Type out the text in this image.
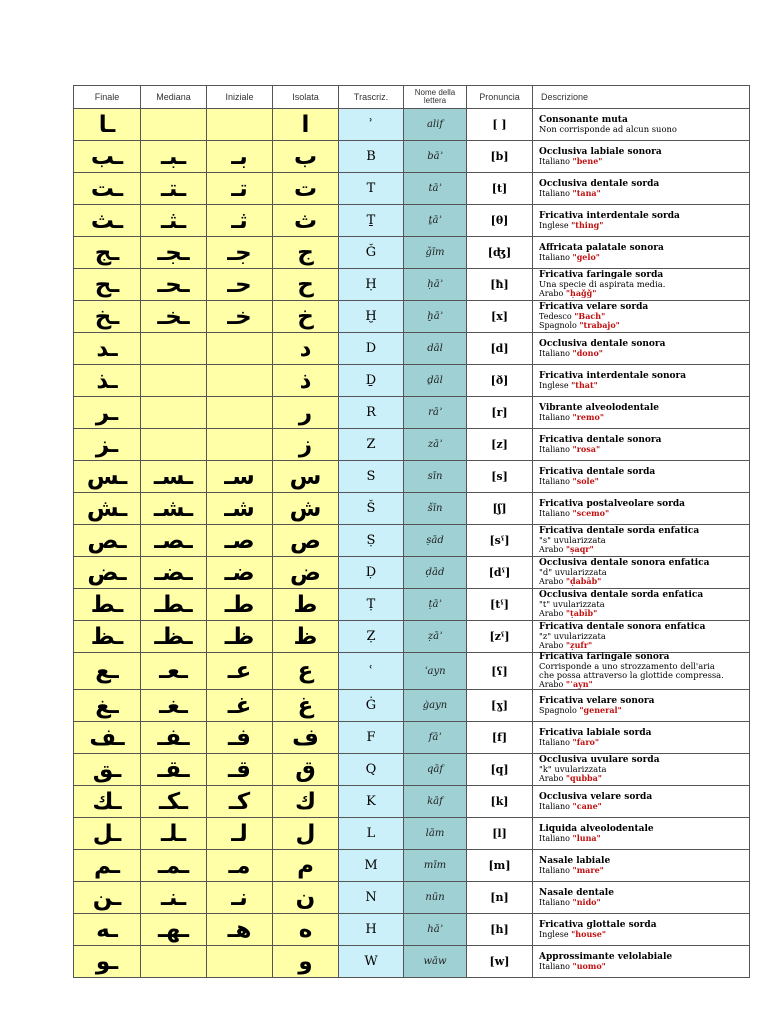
Finale	Mediana	Iniziale	Isolata	Trascriz.	Nome della lettera	Pronuncia	Descrizione
ـا			ا	ʾ	alif	[ ]	Consonante muta
Non corrisponde ad alcun suono

ـب	ـبـ	بـ	ب	B	bāʾ	[b]	Occlusiva labiale sonora
Italiano "bene"

ـت	ـتـ	تـ	ت	T	tāʾ	[t]	Occlusiva dentale sorda
Italiano "tana"

ـث	ـثـ	ثـ	ث	Ṯ	ṯāʾ	[θ]	Fricativa interdentale sorda
Inglese "thing"

ـج	ـجـ	جـ	ج	Ǧ	ǧīm	[ʤ]	Affricata palatale sonora
Italiano "gelo"

ـح	ـحـ	حـ	ح	Ḥ	ḥāʾ	[ħ]	Fricativa faringale sorda
Una specie di aspirata media.
Arabo "ḥaǧǧ"

ـخ	ـخـ	خـ	خ	Ḫ	ḫāʾ	[x]	Fricativa velare sorda
Tedesco "Bach"
Spagnolo "trabajo"

ـد			د	D	dāl	[d]	Occlusiva dentale sonora
Italiano "dono"

ـذ			ذ	Ḏ	ḏāl	[ð]	Fricativa interdentale sonora
Inglese "that"

ـر			ر	R	rāʾ	[r]	Vibrante alveolodentale
Italiano "remo"

ـز			ز	Z	zāʾ	[z]	Fricativa dentale sonora
Italiano "rosa"

ـس	ـسـ	سـ	س	S	sīn	[s]	Fricativa dentale sorda
Italiano "sole"

ـش	ـشـ	شـ	ش	Š	šīn	[ʃ]	Fricativa postalveolare sorda
Italiano "scemo"

ـص	ـصـ	صـ	ص	Ṣ	ṣād	[sˤ]	Fricativa dentale sorda enfatica
"s" uvularizzata
Arabo "ṣaqr"

ـض	ـضـ	ضـ	ض	Ḍ	ḍād	[dˤ]	Occlusiva dentale sonora enfatica
"d" uvularizzata
Arabo "ḍabāb"

ـط	ـطـ	طـ	ط	Ṭ	ṭāʾ	[tˤ]	Occlusiva dentale sorda enfatica
"t" uvularizzata
Arabo "ṭabīb"

ـظ	ـظـ	ظـ	ظ	Ẓ	ẓāʾ	[zˤ]	Fricativa dentale sonora enfatica
"z" uvularizzata
Arabo "ẓufr"

ـع	ـعـ	عـ	ع	ʿ	ʿayn	[ʕ]	Fricativa faringale sonora
Corrisponde a uno strozzamento dell'aria
che possa attraverso la glottide compressa.
Arabo "ʿayn"

ـغ	ـغـ	غـ	غ	Ġ	ġayn	[ɣ]	Fricativa velare sonora
Spagnolo "general"

ـف	ـفـ	فـ	ف	F	fāʾ	[f]	Fricativa labiale sorda
Italiano "faro"

ـق	ـقـ	قـ	ق	Q	qāf	[q]	Occlusiva uvulare sorda
"k" uvularizzata
Arabo "qubba"

ـك	ـكـ	كـ	ك	K	kāf	[k]	Occlusiva velare sorda
Italiano "cane"

ـل	ـلـ	لـ	ل	L	lām	[l]	Liquida alveolodentale
Italiano "luna"

ـم	ـمـ	مـ	م	M	mīm	[m]	Nasale labiale
Italiano "mare"

ـن	ـنـ	نـ	ن	N	nūn	[n]	Nasale dentale
Italiano "nido"

ـه	ـهـ	هـ	ه	H	hāʾ	[h]	Fricativa glottale sorda
Inglese "house"

ـو			و	W	wāw	[w]	Approssimante velolabiale
Italiano "uomo"
